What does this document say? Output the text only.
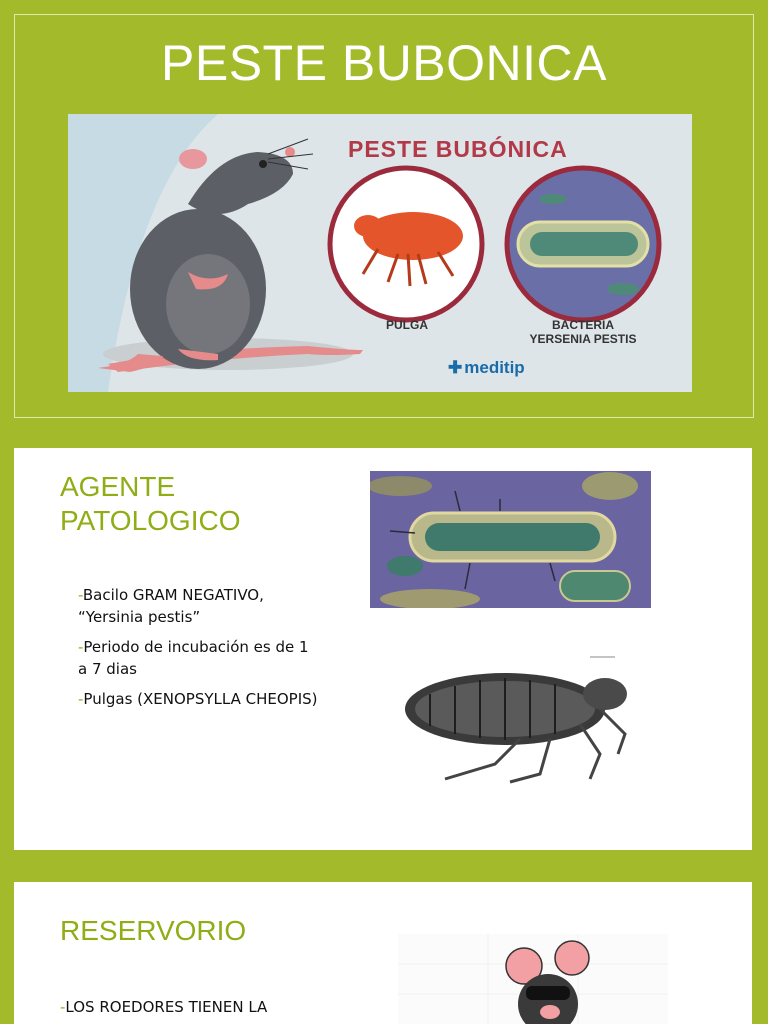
PESTE BUBONICA
PESTE BUBÓNICA
PULGA	BACTERIA
YERSENIA PESTIS
✚ meditip
AGENTE
PATOLOGICO

-Bacilo GRAM NEGATIVO, “Yersinia pestis”

-Periodo de incubación es de 1 a 7 dias

-Pulgas (XENOPSYLLA CHEOPIS)

RESERVORIO

-LOS ROEDORES TIENEN LA
